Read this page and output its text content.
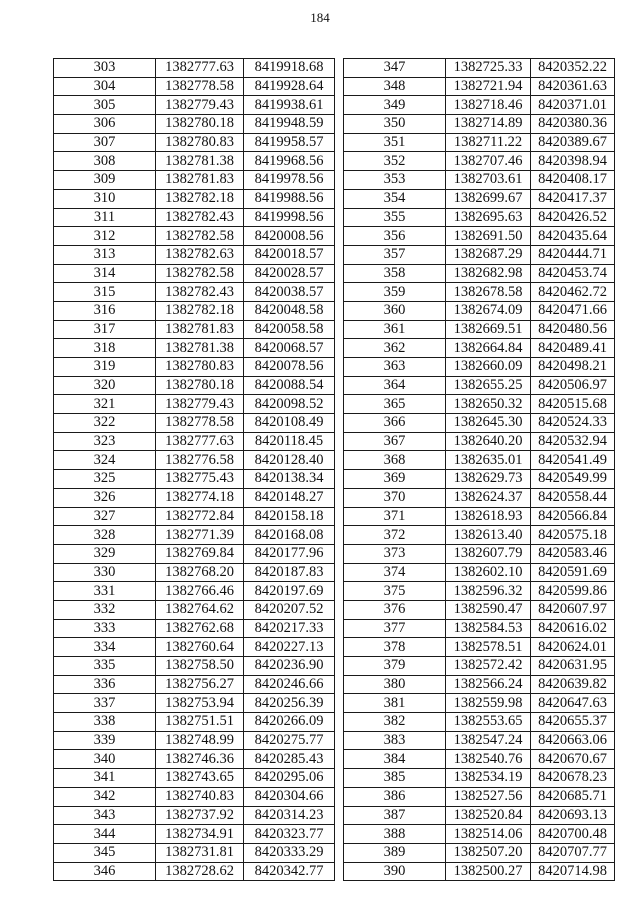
184
303	1382777.63	8419918.68
304	1382778.58	8419928.64
305	1382779.43	8419938.61
306	1382780.18	8419948.59
307	1382780.83	8419958.57
308	1382781.38	8419968.56
309	1382781.83	8419978.56
310	1382782.18	8419988.56
311	1382782.43	8419998.56
312	1382782.58	8420008.56
313	1382782.63	8420018.57
314	1382782.58	8420028.57
315	1382782.43	8420038.57
316	1382782.18	8420048.58
317	1382781.83	8420058.58
318	1382781.38	8420068.57
319	1382780.83	8420078.56
320	1382780.18	8420088.54
321	1382779.43	8420098.52
322	1382778.58	8420108.49
323	1382777.63	8420118.45
324	1382776.58	8420128.40
325	1382775.43	8420138.34
326	1382774.18	8420148.27
327	1382772.84	8420158.18
328	1382771.39	8420168.08
329	1382769.84	8420177.96
330	1382768.20	8420187.83
331	1382766.46	8420197.69
332	1382764.62	8420207.52
333	1382762.68	8420217.33
334	1382760.64	8420227.13
335	1382758.50	8420236.90
336	1382756.27	8420246.66
337	1382753.94	8420256.39
338	1382751.51	8420266.09
339	1382748.99	8420275.77
340	1382746.36	8420285.43
341	1382743.65	8420295.06
342	1382740.83	8420304.66
343	1382737.92	8420314.23
344	1382734.91	8420323.77
345	1382731.81	8420333.29
346	1382728.62	8420342.77
347	1382725.33	8420352.22
348	1382721.94	8420361.63
349	1382718.46	8420371.01
350	1382714.89	8420380.36
351	1382711.22	8420389.67
352	1382707.46	8420398.94
353	1382703.61	8420408.17
354	1382699.67	8420417.37
355	1382695.63	8420426.52
356	1382691.50	8420435.64
357	1382687.29	8420444.71
358	1382682.98	8420453.74
359	1382678.58	8420462.72
360	1382674.09	8420471.66
361	1382669.51	8420480.56
362	1382664.84	8420489.41
363	1382660.09	8420498.21
364	1382655.25	8420506.97
365	1382650.32	8420515.68
366	1382645.30	8420524.33
367	1382640.20	8420532.94
368	1382635.01	8420541.49
369	1382629.73	8420549.99
370	1382624.37	8420558.44
371	1382618.93	8420566.84
372	1382613.40	8420575.18
373	1382607.79	8420583.46
374	1382602.10	8420591.69
375	1382596.32	8420599.86
376	1382590.47	8420607.97
377	1382584.53	8420616.02
378	1382578.51	8420624.01
379	1382572.42	8420631.95
380	1382566.24	8420639.82
381	1382559.98	8420647.63
382	1382553.65	8420655.37
383	1382547.24	8420663.06
384	1382540.76	8420670.67
385	1382534.19	8420678.23
386	1382527.56	8420685.71
387	1382520.84	8420693.13
388	1382514.06	8420700.48
389	1382507.20	8420707.77
390	1382500.27	8420714.98
